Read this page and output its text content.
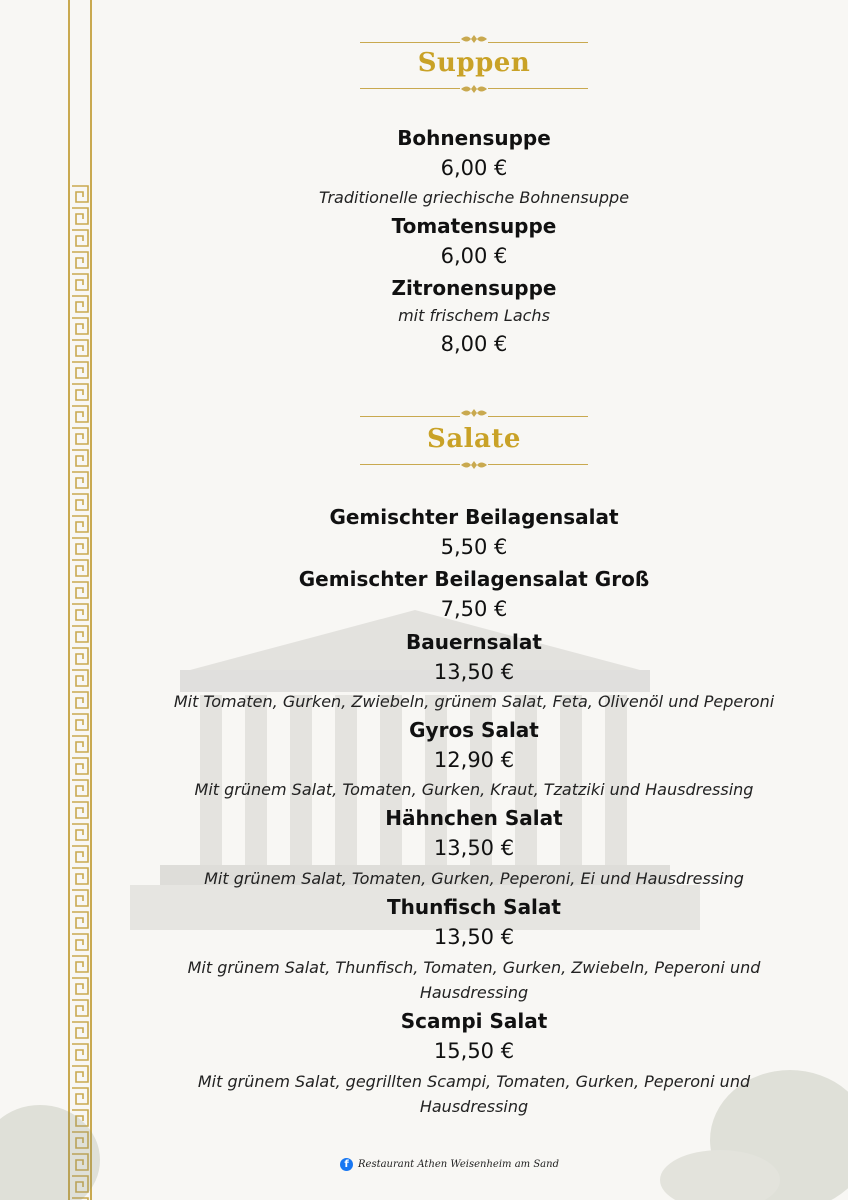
Suppen
Bohnensuppe
6,00 €
Traditionelle griechische Bohnensuppe
Tomatensuppe
6,00 €
Zitronensuppe
mit frischem Lachs
8,00 €
Salate
Gemischter Beilagensalat
5,50 €
Gemischter Beilagensalat Groß
7,50 €
Bauernsalat
13,50 €
Mit Tomaten, Gurken, Zwiebeln, grünem Salat, Feta, Olivenöl und Peperoni
Gyros Salat
12,90 €
Mit grünem Salat, Tomaten, Gurken, Kraut, Tzatziki und Hausdressing
Hähnchen Salat
13,50 €
Mit grünem Salat, Tomaten, Gurken, Peperoni, Ei und Hausdressing
Thunfisch Salat
13,50 €
Mit grünem Salat, Thunfisch, Tomaten, Gurken, Zwiebeln, Peperoni und Hausdressing
Scampi Salat
15,50 €
Mit grünem Salat, gegrillten Scampi, Tomaten, Gurken, Peperoni und Hausdressing
f Restaurant Athen Weisenheim am Sand
